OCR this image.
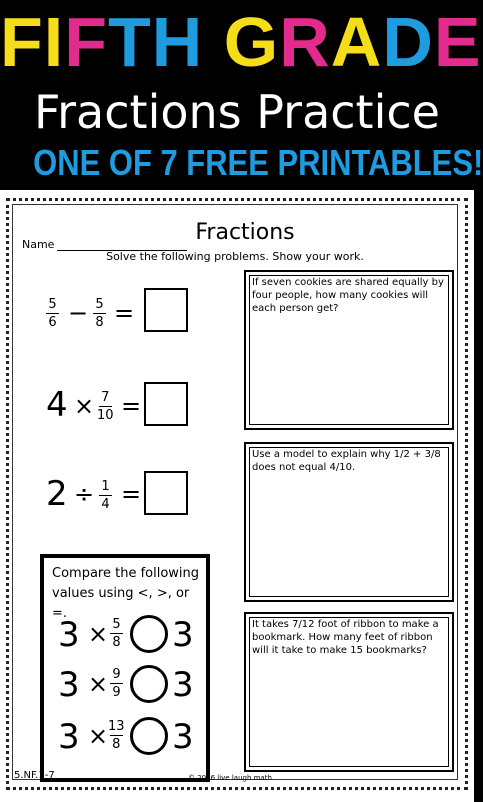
FIFTH GRADE
Fractions Practice
ONE OF 7 FREE PRINTABLES!
Name	Fractions
Solve the following problems. Show your work.
5
6 − 5
8 =
4 × 7
10 =
2 ÷ 1
4 =
Compare the following values using <, >, or =.
3 × 5
8 3
3 × 9
9 3
3 × 13
8 3
If seven cookies are shared equally by four people, how many cookies will each person get?
Use a model to explain why 1/2 + 3/8 does not equal 4/10.
It takes 7/12 foot of ribbon to make a bookmark. How many feet of ribbon will it take to make 15 bookmarks?
5.NF.1-7	© 2016 live laugh math
